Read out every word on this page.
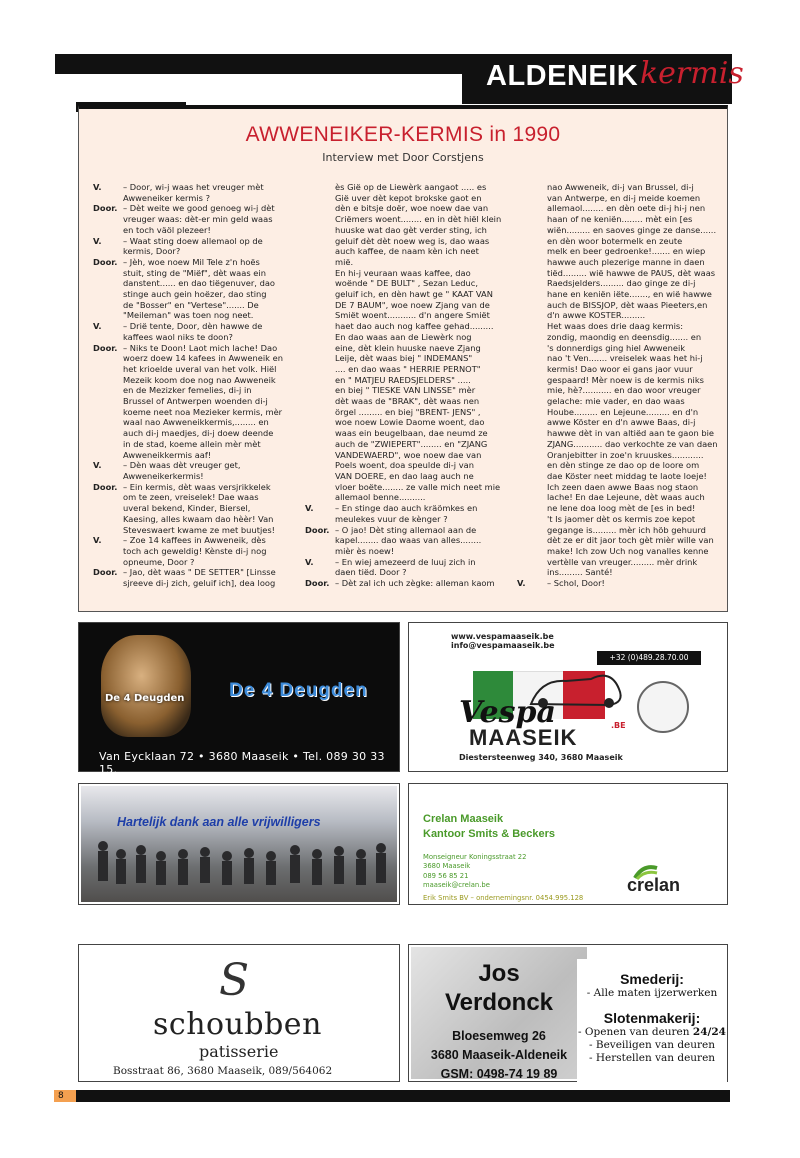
ALDENEIK kermis
AWWENEIKER-KERMIS in 1990
Interview met Door Corstjens
V.	– Door, wi-j waas het vreuger mèt
Awweneiker kermis ?
Door. – Dèt weite we good genoeg wi-j dèt
vreuger waas: dèt-er min geld waas
en toch väöl plezeer!
V.	– Waat sting doew allemaol op de
kermis, Door?
Door. – Jèh, woe noew Mil Tele z'n hoës
stuit, sting de "Miëf", dèt waas ein
danstent...... en dao tiëgenuver, dao
stinge auch gein hoëzer, dao sting
de "Bosser" en "Vertese"....... De
"Meileman" was toen nog neet.
V.	– Drië tente, Door, dèn hawwe de
kaffees waol niks te doon?
Door. – Niks te Doon! Laot mich lache! Dao
woerz doew 14 kafees in Awweneik en
het krioelde uveral van het volk. Hiël
Mezeik koom doe nog nao Awweneik
en de Mezizker femelies, di-j in
Brussel of Antwerpen woenden di-j
koeme neet noa Mezieker kermis, mèr
waal nao Awweneikkermis,........ en
auch di-j maedjes, di-j doew deende
in de stad, koeme allein mèr mèt
Awweneikkermis aaf!
V.	– Dèn waas dèt vreuger get,
Awweneikerkermis!
Door. – Ein kermis, dèt waas versjrikkelek
om te zeen, vreiselek! Dae waas
uveral bekend, Kinder, Biersel,
Kaesing, alles kwaam dao hèèr! Van
Steveswaert kwame ze met buutjes!
V.	– Zoe 14 kaffees in Awweneik, dès
toch ach geweldig! Kènste di-j nog
opneume, Door ?
Door. – Jao, dèt waas " DE SETTER" [Linsse
sjreeve di-j zich, geluif ich], dea loog
ès Gië op de Liewèrk aangaot ..... es
Gië uver dèt kepot brokske gaot en
dèn e bitsje doër, woe noew dae van
Criëmers woent........ en in dèt hiël klein
huuske wat dao gèt verder sting, ich
geluif dèt dèt noew weg is, dao waas
auch kaffee, de naam kèn ich neet
mië.
En hi-j veuraan waas kaffee, dao
woënde " DE BULT" , Sezan Leduc,
geluif ich, en dèn hawt ge " KAAT VAN
DE 7 BAUM", woe noew Zjang van de
Smiët woent........... d'n angere Smiët
haet dao auch nog kaffee gehad.........
En dao waas aan de Liewèrk nog
eine, dèt klein huuske naeve Zjang
Leije, dèt waas biej " INDEMANS"
.... en dao waas " HERRIE PERNOT"
en " MATJEU RAEDSJELDERS" .....
en biej " TIESKE VAN LINSSE" mèr
dèt waas de "BRAK", dèt waas nen
örgel ......... en biej "BRENT- JENS" ,
woe noew Lowie Daome woent, dao
waas ein beugelbaan, dae neumd ze
auch de "ZWIEPERT"........ en "ZJANG
VANDEWAERD", woe noew dae van
Poels woent, doa speulde di-j van
VAN DOERE, en dao laag auch ne
vloer boëte........ ze valle mich neet mie
allemaol benne..........
V.	– En stinge dao auch kräömkes en
meulekes vuur de kènger ?
Door. – O jao! Dèt sting allemaol aan de
kapel........ dao waas van alles........
mièr ès noew!
V.	– En wiej amezeerd de luuj zich in
daen tiëd. Door ?
Door. – Dèt zal ich uch zègke: alleman kaom
nao Awweneik, di-j van Brussel, di-j
van Antwerpe, en di-j meide koemen
allemaol........ en dèn oete di-j hi-j nen
haan of ne keniën........ mèt ein [es
wiën......... en saoves ginge ze danse......
en dèn woor botermelk en zeute
melk en beer gedroenke!....... en wiep
hawwe auch plezerige manne in daen
tiëd......... wië hawwe de PAUS, dèt waas
Raedsjelders......... dao ginge ze di-j
hane en keniën iëte......., en wië hawwe
auch de BISSJOP, dèt waas Pieeters,en
d'n awwe KOSTER.........
Het waas does drie daag kermis:
zondig, maondig en deensdig....... en
's donnerdigs ging hiel Awweneik
nao 't Ven....... vreiselek waas het hi-j
kermis! Dao woor ei gans jaor vuur
gespaard! Mèr noew is de kermis niks
mie, hè?........... en dao woor vreuger
gelache: mie vader, en dao waas
Hoube......... en Lejeune......... en d'n
awwe Köster en d'n awwe Baas, di-j
hawwe dèt in van altiëd aan te gaon bie
ZJANG........... dao verkochte ze van daen
Oranjebitter in zoe'n kruuskes............
en dèn stinge ze dao op de loore om
dae Köster neet middag te laote loeje!
Ich zeen daen awwe Baas nog staon
lache! En dae Lejeune, dèt waas auch
ne lene doa loog mèt de [es in bed!
't Is jaomer dèt os kermis zoe kepot
gegange is......... mèr ich höb gehuurd
dèt ze er dit jaor toch gèt mièr wille van
make! Ich zow Uch nog vanalles kenne
vertèlle van vreuger......... mèr drink
ins......... Santé!
V.	– Schol, Door!
De 4 Deugden De 4 Deugden
Van Eycklaan 72 • 3680 Maaseik • Tel. 089 30 33 15.
www.vespamaaseik.be
info@vespamaaseik.be
+32 (0)489.28.70.00
Vespa
MAASEIK	.BE
Diestersteenweg 340, 3680 Maaseik
Hartelijk dank aan alle vrijwilligers	Crelan Maaseik
Kantoor Smits & Beckers
Monseigneur Koningsstraat 22
3680 Maaseik
089 56 85 21
maaseik@crelan.be
Erik Smits BV – ondernemingsnr. 0454.995.128
crelan
S
schoubben
patisserie
Bosstraat 86, 3680 Maaseik, 089/564062
Jos
Verdonck
Bloesemweg 26
3680 Maaseik-Aldeneik
GSM: 0498-74 19 89
Smederij:
- Alle maten ijzerwerken
Slotenmakerij:
- Openen van deuren 24/24
- Beveiligen van deuren
- Herstellen van deuren
8
